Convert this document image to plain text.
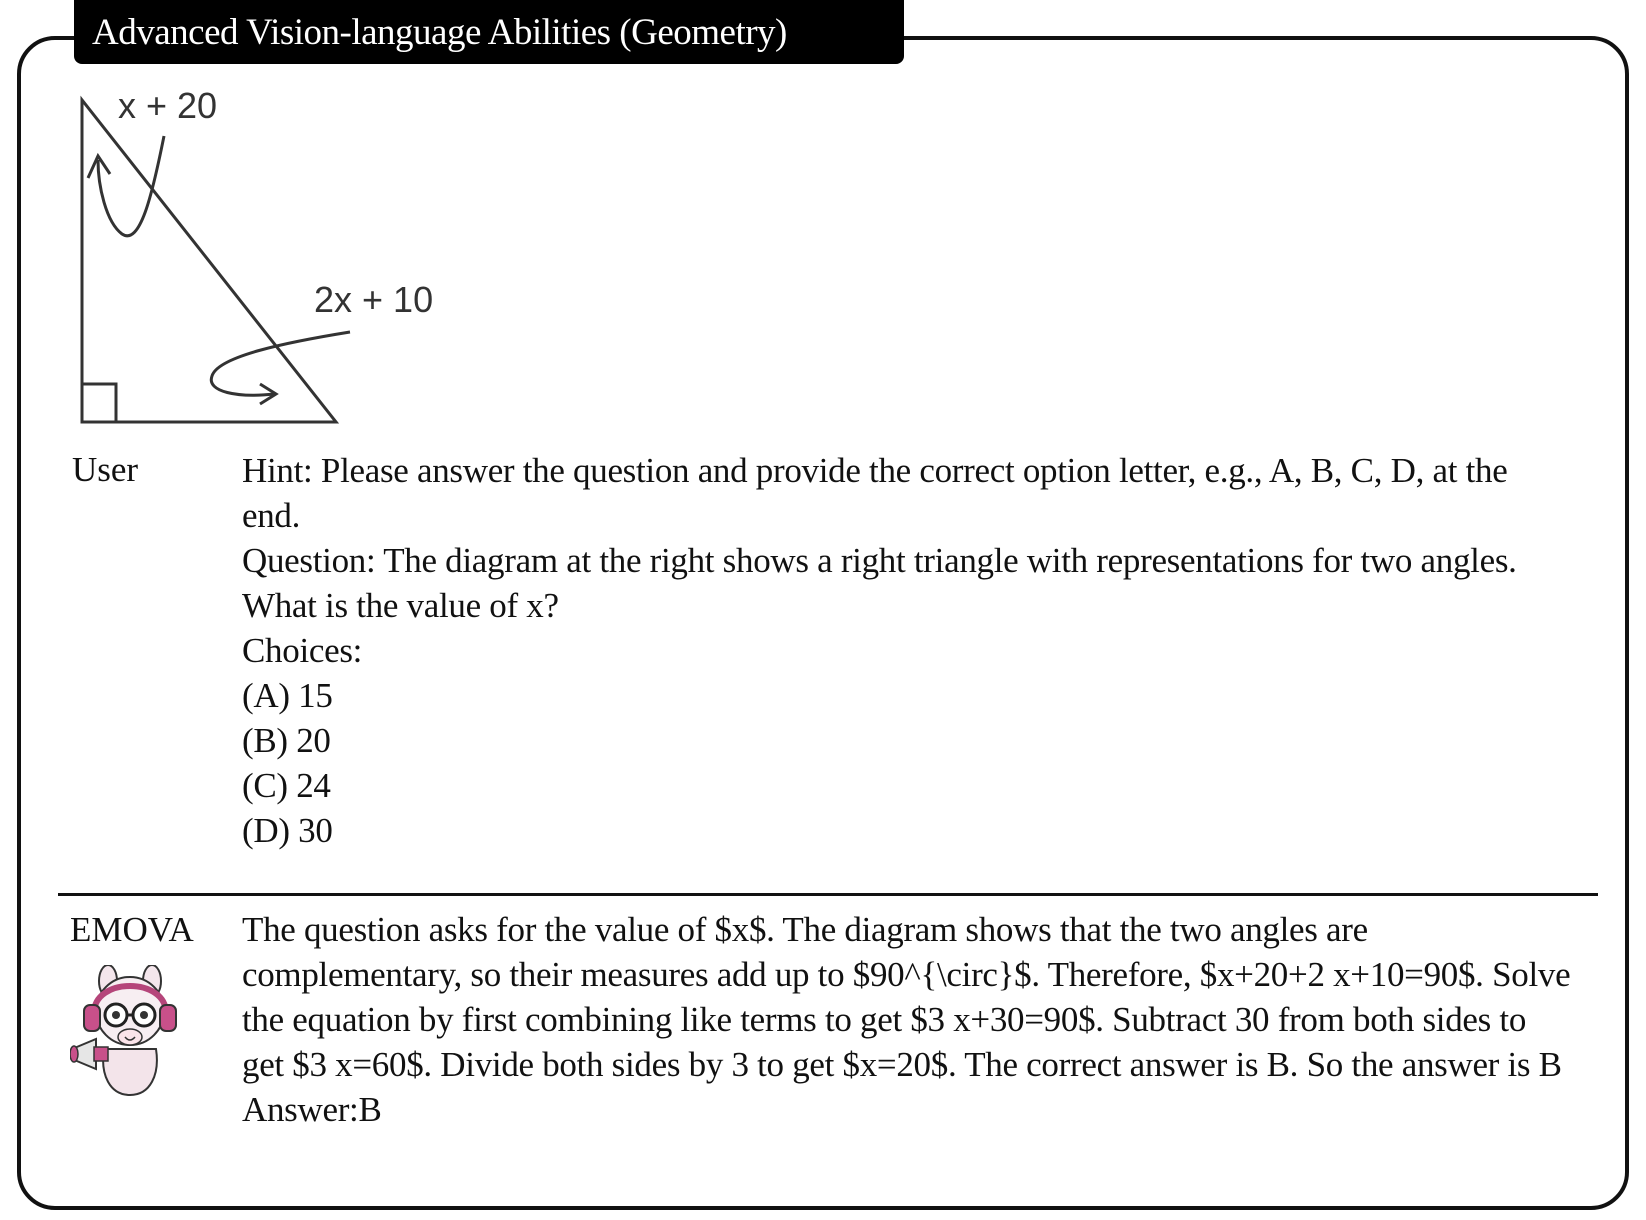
Advanced Vision-language Abilities (Geometry)
x + 20
2x + 10
User	Hint: Please answer the question and provide the correct option letter, e.g., A, B, C, D, at the end.

Question: The diagram at the right shows a right triangle with representations for two angles. What is the value of x?

Choices:

(A) 15

(B) 20

(C) 24

(D) 30

EMOVA The question asks for the value of $x$. The diagram shows that the two angles are complementary, so their measures add up to $90^{\circ}$. Therefore, $x+20+2 x+10=90$. Solve the equation by first combining like terms to get $3 x+30=90$. Subtract 30 from both sides to get $3 x=60$. Divide both sides by 3 to get $x=20$. The correct answer is B. So the answer is B

Answer:B
